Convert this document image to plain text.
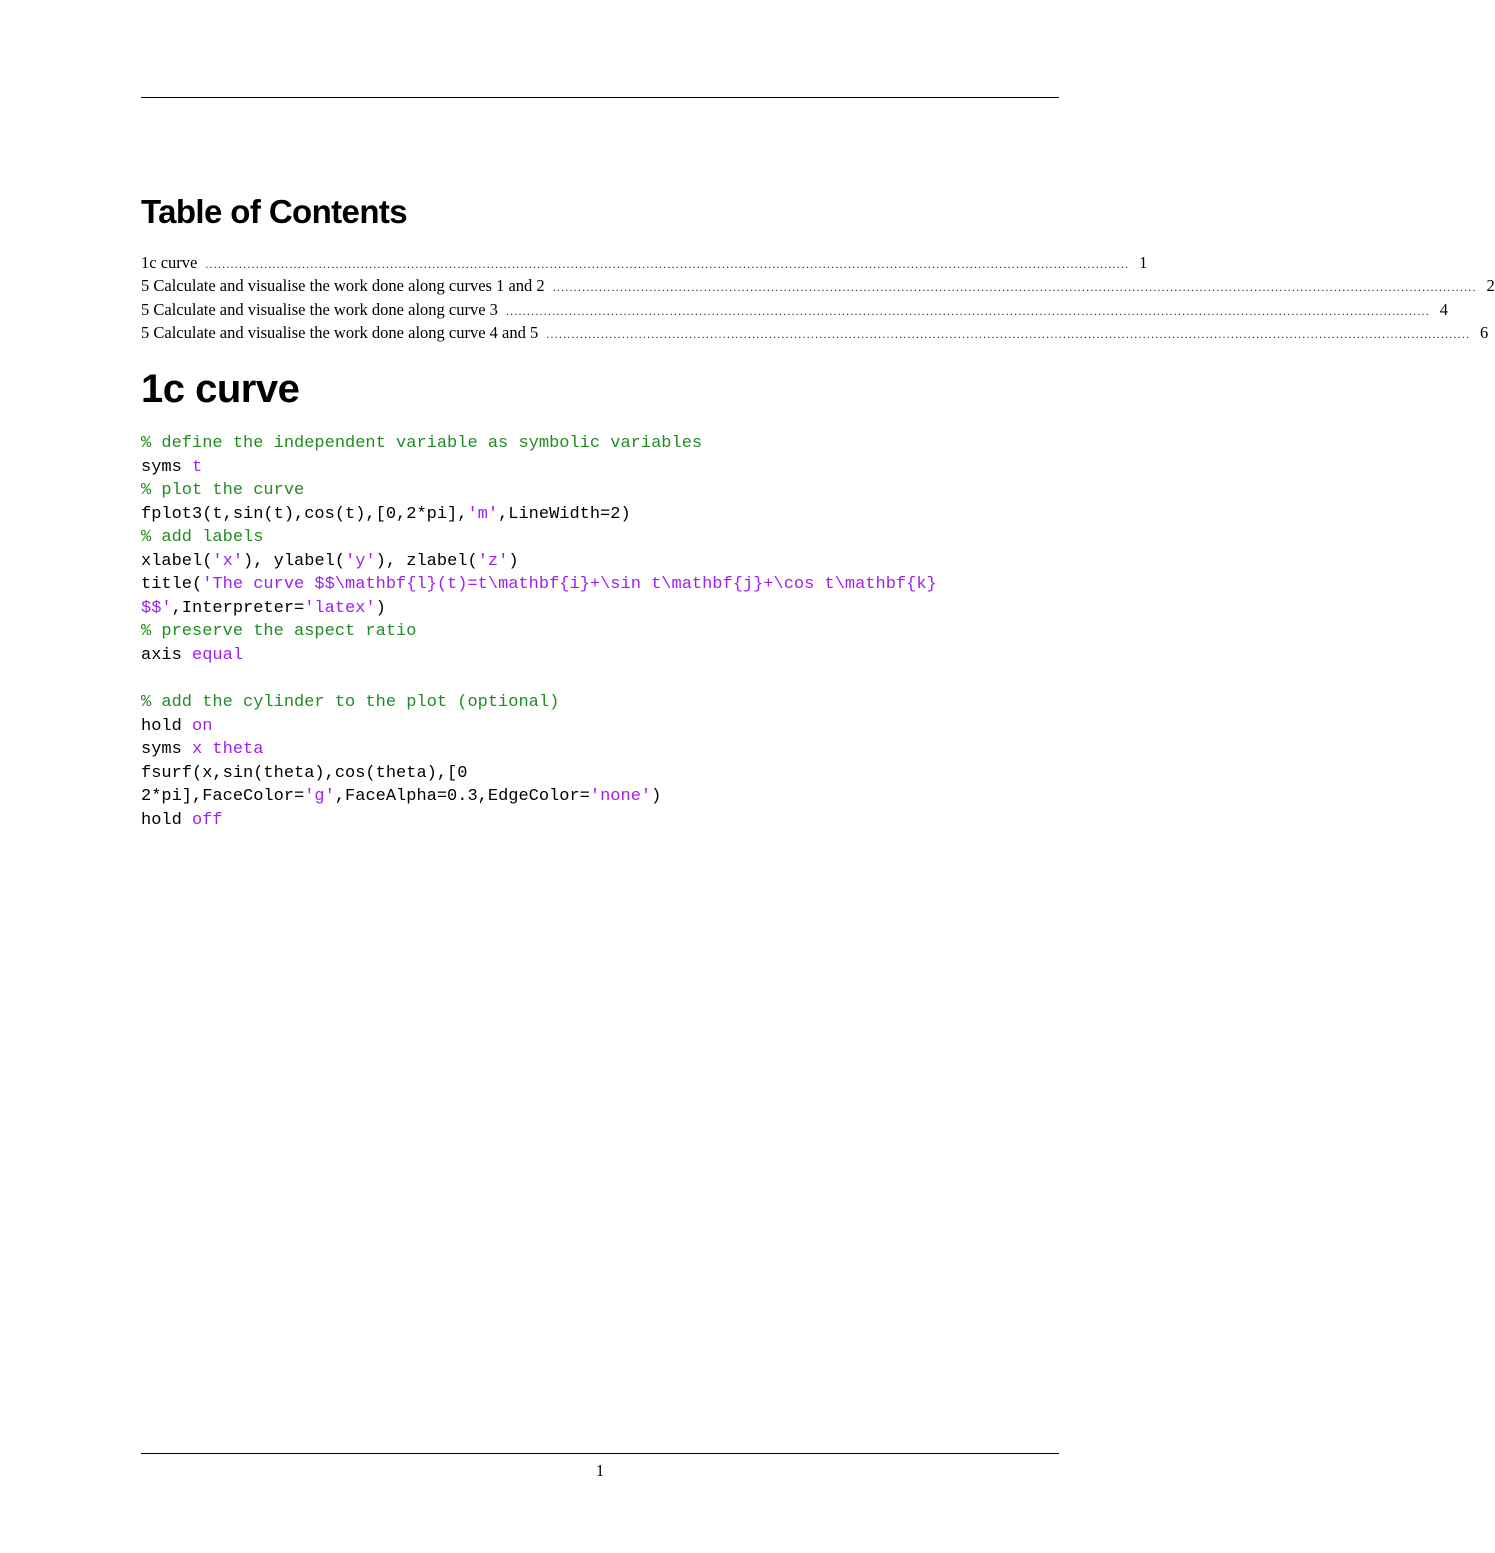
Table of Contents
1c curve ............................................................................................................................................................................................................................ 1
5 Calculate and visualise the work done along curves 1 and 2 ............................................................................................................................................................................................................................ 2
5 Calculate and visualise the work done along curve 3 ............................................................................................................................................................................................................................ 4
5 Calculate and visualise the work done along curve 4 and 5 ............................................................................................................................................................................................................................ 6
1c curve
% define the independent variable as symbolic variables
syms t
% plot the curve
fplot3(t,sin(t),cos(t),[0,2*pi],'m',LineWidth=2)
% add labels
xlabel('x'), ylabel('y'), zlabel('z')
title('The curve $$\mathbf{l}(t)=t\mathbf{i}+\sin t\mathbf{j}+\cos t\mathbf{k}
$$',Interpreter='latex')
% preserve the aspect ratio
axis equal

% add the cylinder to the plot (optional)
hold on
syms x theta
fsurf(x,sin(theta),cos(theta),[0
2*pi],FaceColor='g',FaceAlpha=0.3,EdgeColor='none')
hold off
1
